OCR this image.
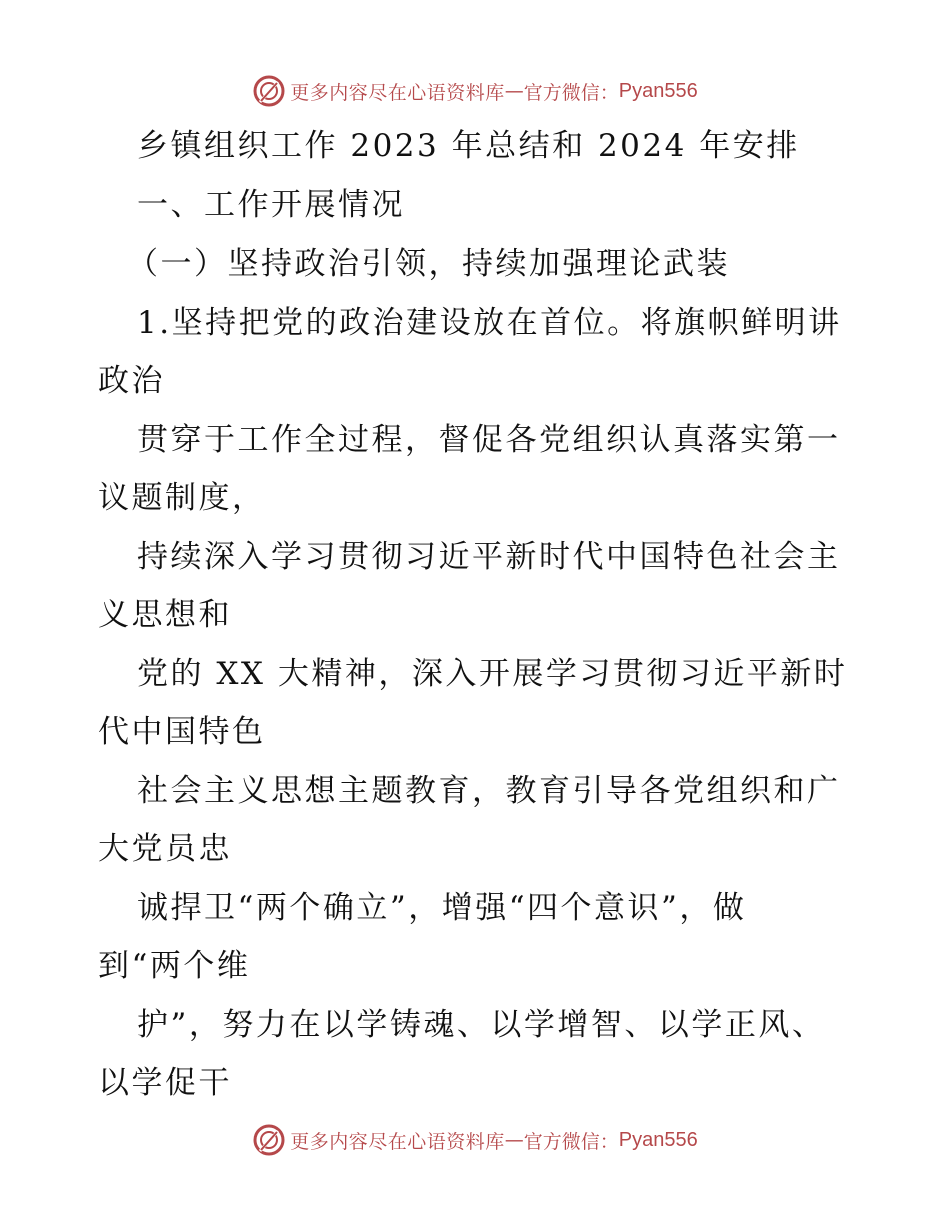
更多内容尽在心语资料库 — 官方微信： Pyan556
乡镇组织工作 2023 年总结和 2024 年安排
一、工作开展情况
（一）坚持政治引领，持续加强理论武装
1.坚持把党的政治建设放在首位。将旗帜鲜明讲
政治
贯穿于工作全过程，督促各党组织认真落实第一
议题制度，
持续深入学习贯彻习近平新时代中国特色社会主
义思想和
党的 XX 大精神，深入开展学习贯彻习近平新时
代中国特色
社会主义思想主题教育，教育引导各党组织和广
大党员忠
诚捍卫“两个确立”，增强“四个意识”，做
到“两个维
护”，努力在以学铸魂、以学增智、以学正风、
以学促干
更多内容尽在心语资料库 — 官方微信： Pyan556
